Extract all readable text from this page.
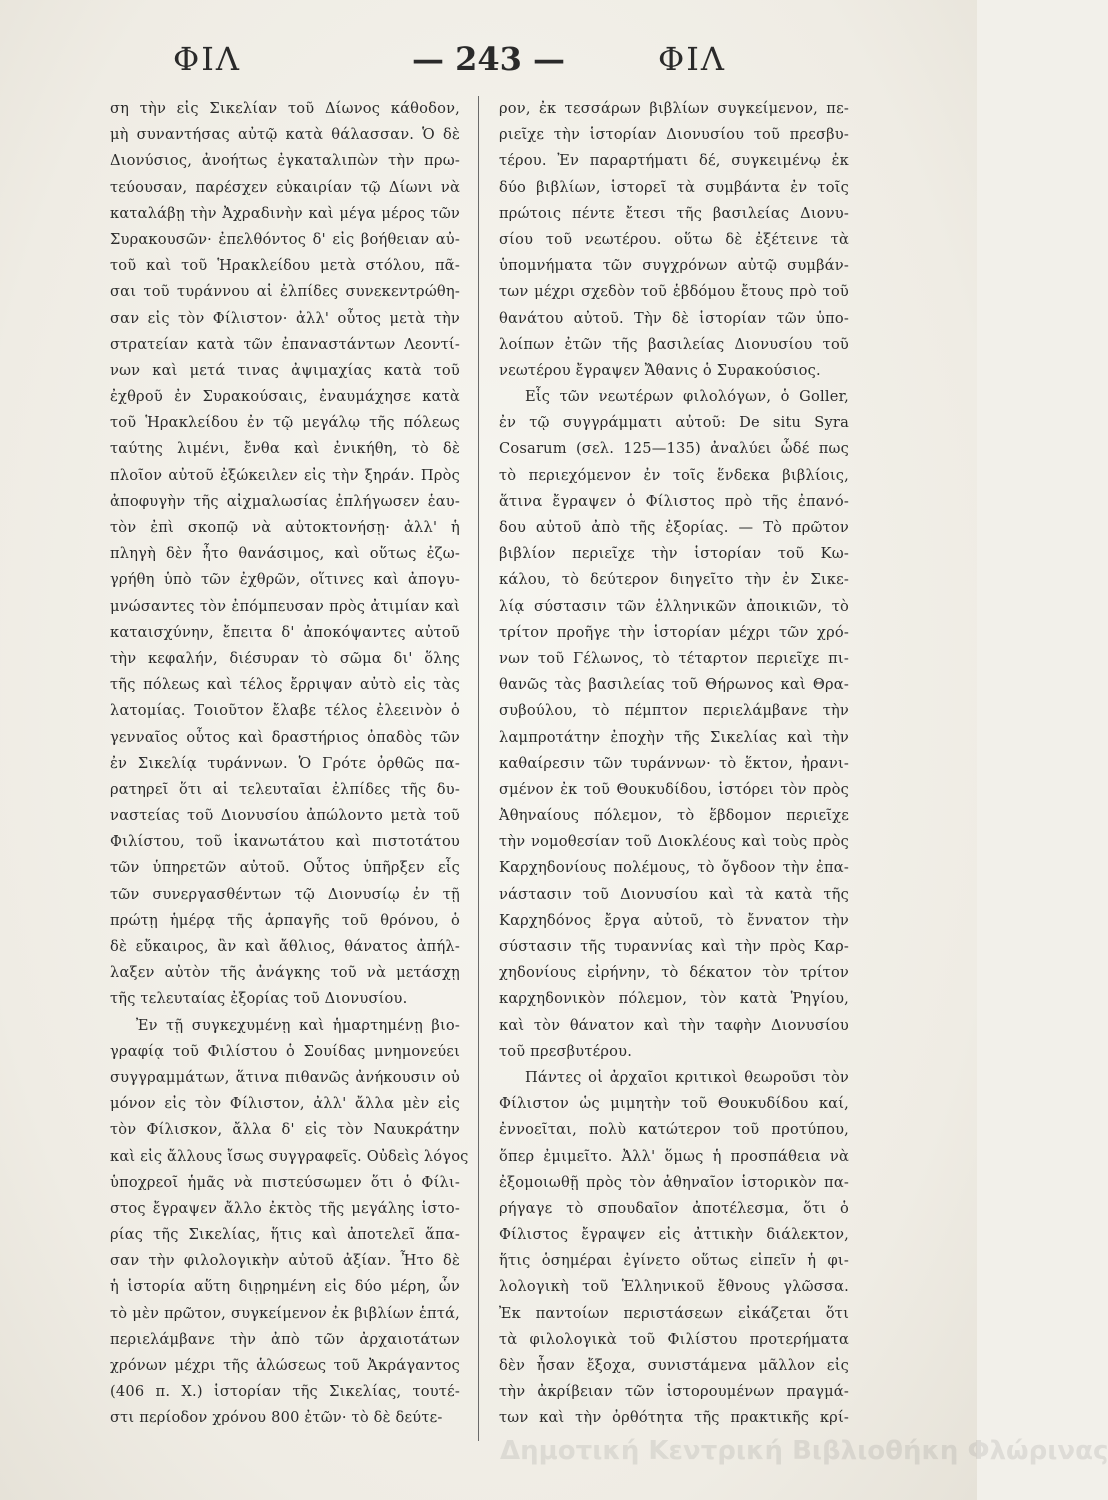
ΦΙΛ	— 243 —	ΦΙΛ
ση τὴν εἰς Σικελίαν τοῦ Δίωνος κάθοδον,
μὴ συναντήσας αὐτῷ κατὰ θάλασσαν. Ὁ δὲ
Διονύσιος, ἀνοήτως ἐγκαταλιπὼν τὴν πρω-
τεύουσαν, παρέσχεν εὐκαιρίαν τῷ Δίωνι νὰ
καταλάβῃ τὴν Ἀχραδινὴν καὶ μέγα μέρος τῶν
Συρακουσῶν· ἐπελθόντος δ' εἰς βοήθειαν αὐ-
τοῦ καὶ τοῦ Ἡρακλείδου μετὰ στόλου, πᾶ-
σαι τοῦ τυράννου αἱ ἐλπίδες συνεκεντρώθη-
σαν εἰς τὸν Φίλιστον· ἀλλ' οὗτος μετὰ τὴν
στρατείαν κατὰ τῶν ἐπαναστάντων Λεοντί-
νων καὶ μετά τινας ἀψιμαχίας κατὰ τοῦ
ἐχθροῦ ἐν Συρακούσαις, ἐναυμάχησε κατὰ
τοῦ Ἡρακλείδου ἐν τῷ μεγάλῳ τῆς πόλεως
ταύτης λιμένι, ἔνθα καὶ ἐνικήθη, τὸ δὲ
πλοῖον αὐτοῦ ἐξώκειλεν εἰς τὴν ξηράν. Πρὸς
ἀποφυγὴν τῆς αἰχμαλωσίας ἐπλήγωσεν ἑαυ-
τὸν ἐπὶ σκοπῷ νὰ αὐτοκτονήσῃ· ἀλλ' ἡ
πληγὴ δὲν ἦτο θανάσιμος, καὶ οὕτως ἐζω-
γρήθη ὑπὸ τῶν ἐχθρῶν, οἵτινες καὶ ἀπογυ-
μνώσαντες τὸν ἐπόμπευσαν πρὸς ἀτιμίαν καὶ
καταισχύνην, ἔπειτα δ' ἀποκόψαντες αὐτοῦ
τὴν κεφαλήν, διέσυραν τὸ σῶμα δι' ὅλης
τῆς πόλεως καὶ τέλος ἔρριψαν αὐτὸ εἰς τὰς
λατομίας. Τοιοῦτον ἔλαβε τέλος ἐλεεινὸν ὁ
γενναῖος οὗτος καὶ δραστήριος ὀπαδὸς τῶν
ἐν Σικελίᾳ τυράννων. Ὁ Γρότε ὀρθῶς πα-
ρατηρεῖ ὅτι αἱ τελευταῖαι ἐλπίδες τῆς δυ-
ναστείας τοῦ Διονυσίου ἀπώλοντο μετὰ τοῦ
Φιλίστου, τοῦ ἱκανωτάτου καὶ πιστοτάτου
τῶν ὑπηρετῶν αὐτοῦ. Οὗτος ὑπῆρξεν εἷς
τῶν συνεργασθέντων τῷ Διονυσίῳ ἐν τῇ
πρώτῃ ἡμέρᾳ τῆς ἁρπαγῆς τοῦ θρόνου, ὁ
δὲ εὔκαιρος, ἂν καὶ ἄθλιος, θάνατος ἀπήλ-
λαξεν αὐτὸν τῆς ἀνάγκης τοῦ νὰ μετάσχῃ
τῆς τελευταίας ἐξορίας τοῦ Διονυσίου.
Ἐν τῇ συγκεχυμένῃ καὶ ἡμαρτημένῃ βιο-
γραφίᾳ τοῦ Φιλίστου ὁ Σουίδας μνημονεύει
συγγραμμάτων, ἅτινα πιθανῶς ἀνήκουσιν οὐ
μόνον εἰς τὸν Φίλιστον, ἀλλ' ἄλλα μὲν εἰς
τὸν Φίλισκον, ἄλλα δ' εἰς τὸν Ναυκράτην
καὶ εἰς ἄλλους ἴσως συγγραφεῖς. Οὐδεὶς λόγος
ὑποχρεοῖ ἡμᾶς νὰ πιστεύσωμεν ὅτι ὁ Φίλι-
στος ἔγραψεν ἄλλο ἐκτὸς τῆς μεγάλης ἱστο-
ρίας τῆς Σικελίας, ἥτις καὶ ἀποτελεῖ ἅπα-
σαν τὴν φιλολογικὴν αὐτοῦ ἀξίαν. Ἦτο δὲ
ἡ ἱστορία αὕτη διῃρημένη εἰς δύο μέρη, ὧν
τὸ μὲν πρῶτον, συγκείμενον ἐκ βιβλίων ἑπτά,
περιελάμβανε τὴν ἀπὸ τῶν ἀρχαιοτάτων
χρόνων μέχρι τῆς ἁλώσεως τοῦ Ἀκράγαντος
(406 π. Χ.) ἱστορίαν τῆς Σικελίας, τουτέ-
στι περίοδον χρόνου 800 ἐτῶν· τὸ δὲ δεύτε-
ρον, ἐκ τεσσάρων βιβλίων συγκείμενον, πε-
ριεῖχε τὴν ἱστορίαν Διονυσίου τοῦ πρεσβυ-
τέρου. Ἐν παραρτήματι δέ, συγκειμένῳ ἐκ
δύο βιβλίων, ἱστορεῖ τὰ συμβάντα ἐν τοῖς
πρώτοις πέντε ἔτεσι τῆς βασιλείας Διονυ-
σίου τοῦ νεωτέρου. οὕτω δὲ ἐξέτεινε τὰ
ὑπομνήματα τῶν συγχρόνων αὐτῷ συμβάν-
των μέχρι σχεδὸν τοῦ ἑβδόμου ἔτους πρὸ τοῦ
θανάτου αὐτοῦ. Τὴν δὲ ἱστορίαν τῶν ὑπο-
λοίπων ἐτῶν τῆς βασιλείας Διονυσίου τοῦ
νεωτέρου ἔγραψεν Ἄθανις ὁ Συρακούσιος.
Εἷς τῶν νεωτέρων φιλολόγων, ὁ Goller,
ἐν τῷ συγγράμματι αὐτοῦ: De situ Syra
Cosarum (σελ. 125—135) ἀναλύει ὧδέ πως
τὸ περιεχόμενον ἐν τοῖς ἕνδεκα βιβλίοις,
ἅτινα ἔγραψεν ὁ Φίλιστος πρὸ τῆς ἐπανό-
δου αὐτοῦ ἀπὸ τῆς ἐξορίας. — Τὸ πρῶτον
βιβλίον περιεῖχε τὴν ἱστορίαν τοῦ Κω-
κάλου, τὸ δεύτερον διηγεῖτο τὴν ἐν Σικε-
λίᾳ σύστασιν τῶν ἑλληνικῶν ἀποικιῶν, τὸ
τρίτον προῆγε τὴν ἱστορίαν μέχρι τῶν χρό-
νων τοῦ Γέλωνος, τὸ τέταρτον περιεῖχε πι-
θανῶς τὰς βασιλείας τοῦ Θήρωνος καὶ Θρα-
συβούλου, τὸ πέμπτον περιελάμβανε τὴν
λαμπροτάτην ἐποχὴν τῆς Σικελίας καὶ τὴν
καθαίρεσιν τῶν τυράννων· τὸ ἕκτον, ἠρανι-
σμένον ἐκ τοῦ Θουκυδίδου, ἱστόρει τὸν πρὸς
Ἀθηναίους πόλεμον, τὸ ἕβδομον περιεῖχε
τὴν νομοθεσίαν τοῦ Διοκλέους καὶ τοὺς πρὸς
Καρχηδονίους πολέμους, τὸ ὄγδοον τὴν ἐπα-
νάστασιν τοῦ Διονυσίου καὶ τὰ κατὰ τῆς
Καρχηδόνος ἔργα αὐτοῦ, τὸ ἔννατον τὴν
σύστασιν τῆς τυραννίας καὶ τὴν πρὸς Καρ-
χηδονίους εἰρήνην, τὸ δέκατον τὸν τρίτον
καρχηδονικὸν πόλεμον, τὸν κατὰ Ῥηγίου,
καὶ τὸν θάνατον καὶ τὴν ταφὴν Διονυσίου
τοῦ πρεσβυτέρου.
Πάντες οἱ ἀρχαῖοι κριτικοὶ θεωροῦσι τὸν
Φίλιστον ὡς μιμητὴν τοῦ Θουκυδίδου καί,
ἐννοεῖται, πολὺ κατώτερον τοῦ προτύπου,
ὅπερ ἐμιμεῖτο. Ἀλλ' ὅμως ἡ προσπάθεια νὰ
ἐξομοιωθῇ πρὸς τὸν ἀθηναῖον ἱστορικὸν πα-
ρήγαγε τὸ σπουδαῖον ἀποτέλεσμα, ὅτι ὁ
Φίλιστος ἔγραψεν εἰς ἀττικὴν διάλεκτον,
ἥτις ὁσημέραι ἐγίνετο οὕτως εἰπεῖν ἡ φι-
λολογικὴ τοῦ Ἑλληνικοῦ ἔθνους γλῶσσα.
Ἐκ παντοίων περιστάσεων εἰκάζεται ὅτι
τὰ φιλολογικὰ τοῦ Φιλίστου προτερήματα
δὲν ἦσαν ἔξοχα, συνιστάμενα μᾶλλον εἰς
τὴν ἀκρίβειαν τῶν ἱστορουμένων πραγμά-
των καὶ τὴν ὀρθότητα τῆς πρακτικῆς κρί-
Δημοτική Κεντρική Βιβλιοθήκη Φλώρινας
